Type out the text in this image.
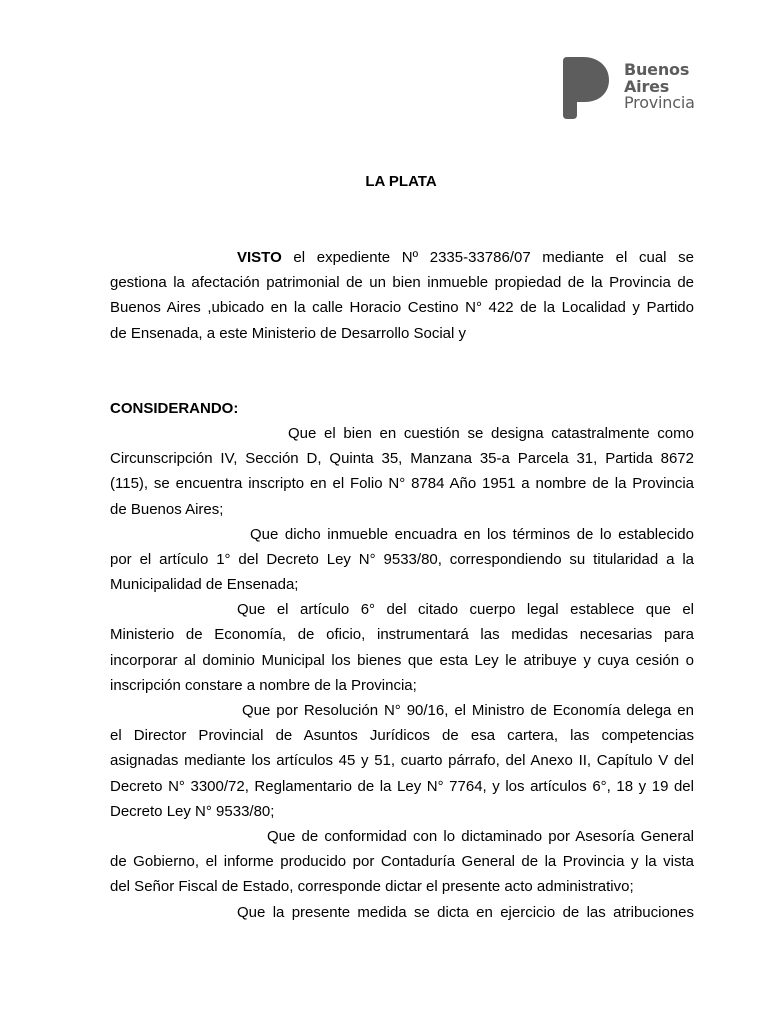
Buenos
Aires
Provincia
LA PLATA
VISTO el expediente Nº 2335-33786/07 mediante el cual se
gestiona la afectación patrimonial de un bien inmueble propiedad de la Provincia de
Buenos Aires ,ubicado en la calle Horacio Cestino N° 422 de la Localidad y Partido
de Ensenada, a este Ministerio de Desarrollo Social y
CONSIDERANDO:
Que el bien en cuestión se designa catastralmente como
Circunscripción IV, Sección D, Quinta 35, Manzana 35-a Parcela 31, Partida 8672
(115), se encuentra inscripto en el Folio N° 8784 Año 1951 a nombre de la Provincia
de Buenos Aires;
Que dicho inmueble encuadra en los términos de lo establecido
por el artículo 1° del Decreto Ley N° 9533/80, correspondiendo su titularidad a la
Municipalidad de Ensenada;
Que el artículo 6° del citado cuerpo legal establece que el
Ministerio de Economía, de oficio, instrumentará las medidas necesarias para
incorporar al dominio Municipal los bienes que esta Ley le atribuye y cuya cesión o
inscripción constare a nombre de la Provincia;
Que por Resolución N° 90/16, el Ministro de Economía delega en
el Director Provincial de Asuntos Jurídicos de esa cartera, las competencias
asignadas mediante los artículos 45 y 51, cuarto párrafo, del Anexo II, Capítulo V del
Decreto N° 3300/72, Reglamentario de la Ley N° 7764, y los artículos 6°, 18 y 19 del
Decreto Ley N° 9533/80;
Que de conformidad con lo dictaminado por Asesoría General
de Gobierno, el informe producido por Contaduría General de la Provincia y la vista
del Señor Fiscal de Estado, corresponde dictar el presente acto administrativo;
Que la presente medida se dicta en ejercicio de las atribuciones
